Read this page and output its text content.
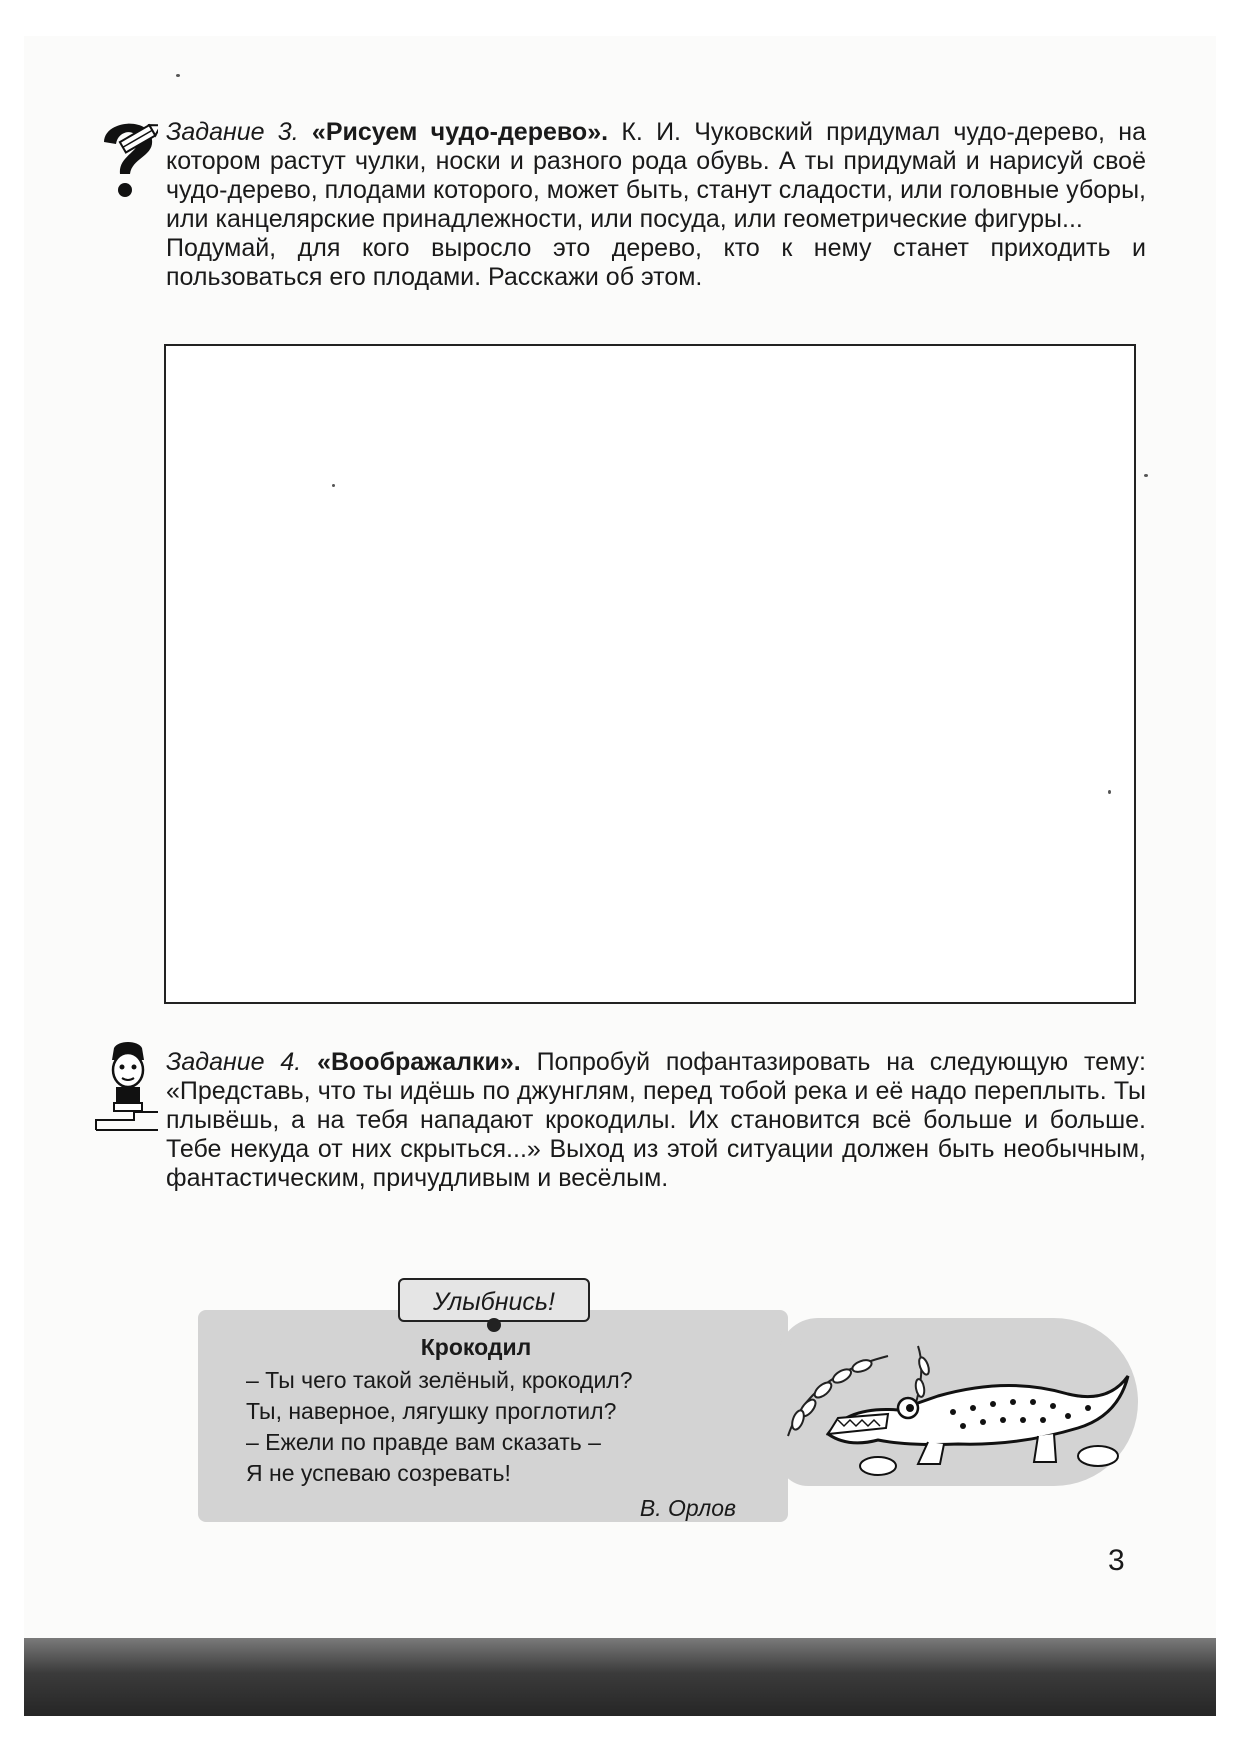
Задание 3. «Рисуем чудо-дерево». К. И. Чуковский придумал чудо-дерево, на котором растут чулки, носки и разного рода обувь. А ты придумай и нарисуй своё чудо-дерево, плодами которого, может быть, станут сладости, или головные уборы, или канцелярские принадлежности, или посуда, или геометрические фигуры...
Подумай, для кого выросло это дерево, кто к нему станет приходить и пользоваться его плодами. Расскажи об этом.
Задание 4. «Воображалки». Попробуй пофантазировать на следующую тему: «Представь, что ты идёшь по джунглям, перед тобой река и её надо переплыть. Ты плывёшь, а на тебя нападают крокодилы. Их становится всё больше и больше. Тебе некуда от них скрыться...» Выход из этой ситуации должен быть необычным, фантастическим, причудливым и весёлым.
Улыбнись!
Крокодил
– Ты чего такой зелёный, крокодил?
Ты, наверное, лягушку проглотил?
– Ежели по правде вам сказать –
Я не успеваю созревать!
В. Орлов
3
